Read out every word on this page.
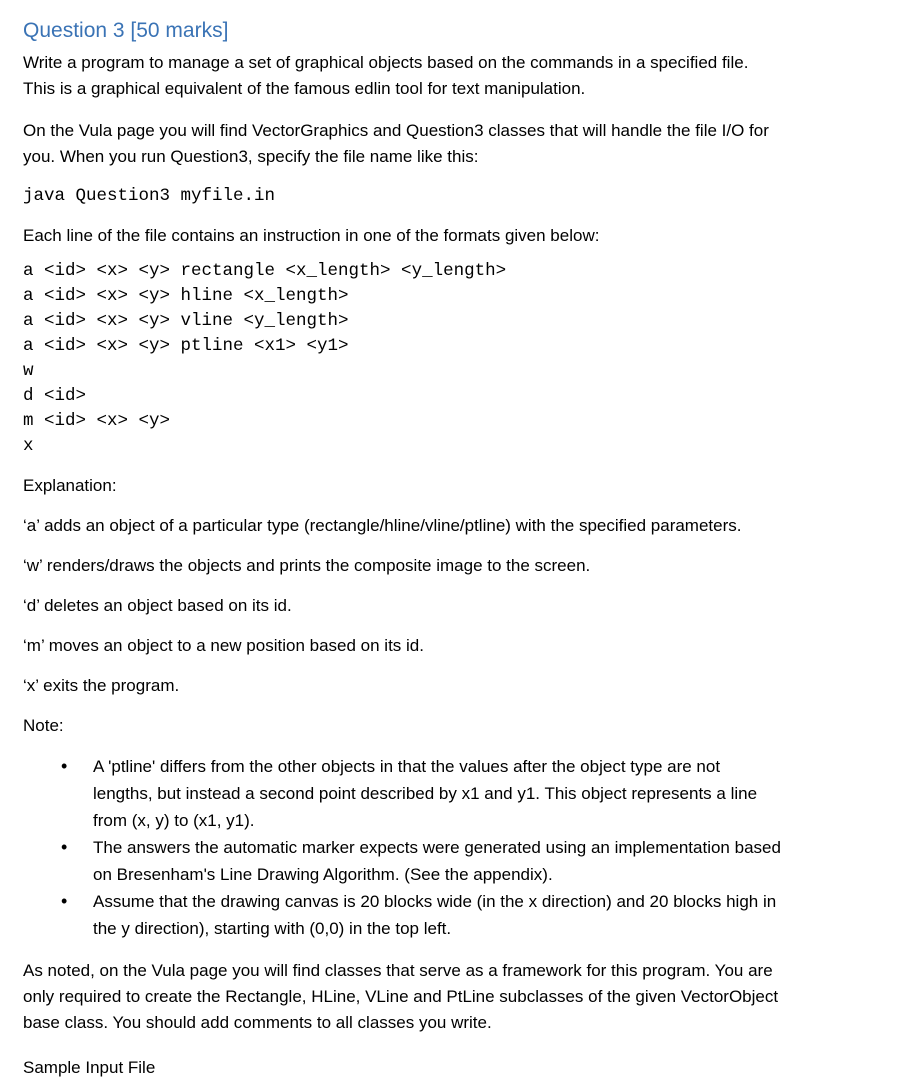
Question 3 [50 marks]

Write a program to manage a set of graphical objects based on the commands in a specified file.

This is a graphical equivalent of the famous edlin tool for text manipulation.

On the Vula page you will find VectorGraphics and Question3 classes that will handle the file I/O for

you. When you run Question3, specify the file name like this:

java Question3 myfile.in

Each line of the file contains an instruction in one of the formats given below:

a <id> <x> <y> rectangle <x_length> <y_length>

a <id> <x> <y> hline <x_length>

a <id> <x> <y> vline <y_length>

a <id> <x> <y> ptline <x1> <y1>

w

d <id>

m <id> <x> <y>

x

Explanation:

‘a’ adds an object of a particular type (rectangle/hline/vline/ptline) with the specified parameters.

‘w’ renders/draws the objects and prints the composite image to the screen.

‘d’ deletes an object based on its id.

‘m’ moves an object to a new position based on its id.

‘x’ exits the program.

Note:

• A 'ptline' differs from the other objects in that the values after the object type are not
lengths, but instead a second point described by x1 and y1. This object represents a line
from (x, y) to (x1, y1).
• The answers the automatic marker expects were generated using an implementation based
on Bresenham's Line Drawing Algorithm. (See the appendix).
• Assume that the drawing canvas is 20 blocks wide (in the x direction) and 20 blocks high in
the y direction), starting with (0,0) in the top left.

As noted, on the Vula page you will find classes that serve as a framework for this program. You are

only required to create the Rectangle, HLine, VLine and PtLine subclasses of the given VectorObject

base class. You should add comments to all classes you write.

Sample Input File
